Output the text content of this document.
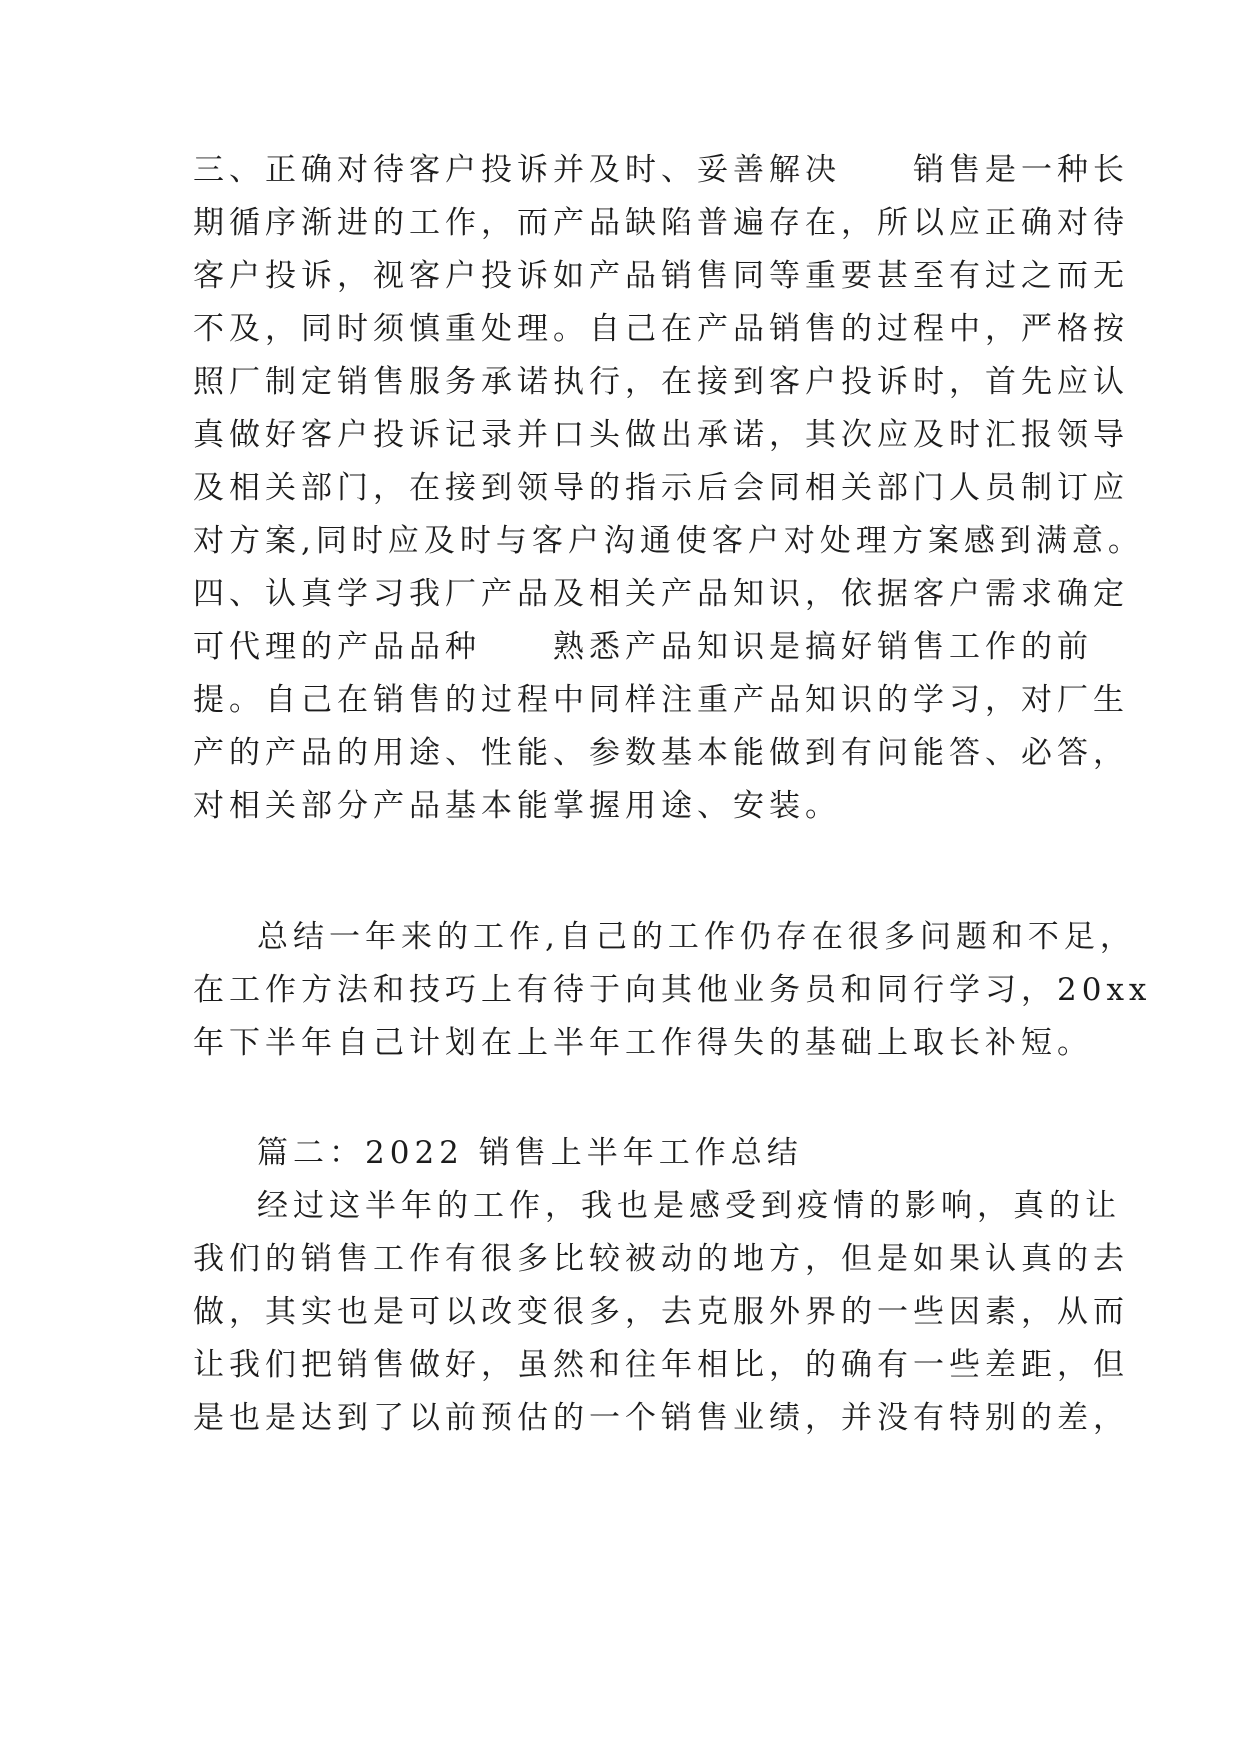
三、正确对待客户投诉并及时、妥善解决　　销售是一种长
期循序渐进的工作，而产品缺陷普遍存在，所以应正确对待
客户投诉，视客户投诉如产品销售同等重要甚至有过之而无
不及，同时须慎重处理。自己在产品销售的过程中，严格按
照厂制定销售服务承诺执行，在接到客户投诉时，首先应认
真做好客户投诉记录并口头做出承诺，其次应及时汇报领导
及相关部门，在接到领导的指示后会同相关部门人员制订应
对方案,同时应及时与客户沟通使客户对处理方案感到满意。
四、认真学习我厂产品及相关产品知识，依据客户需求确定
可代理的产品品种　　熟悉产品知识是搞好销售工作的前
提。自己在销售的过程中同样注重产品知识的学习，对厂生
产的产品的用途、性能、参数基本能做到有问能答、必答，
对相关部分产品基本能掌握用途、安装。
总结一年来的工作,自己的工作仍存在很多问题和不足，
在工作方法和技巧上有待于向其他业务员和同行学习，20xx
年下半年自己计划在上半年工作得失的基础上取长补短。
篇二：2022 销售上半年工作总结
经过这半年的工作，我也是感受到疫情的影响，真的让
我们的销售工作有很多比较被动的地方，但是如果认真的去
做，其实也是可以改变很多，去克服外界的一些因素，从而
让我们把销售做好，虽然和往年相比，的确有一些差距，但
是也是达到了以前预估的一个销售业绩，并没有特别的差，
